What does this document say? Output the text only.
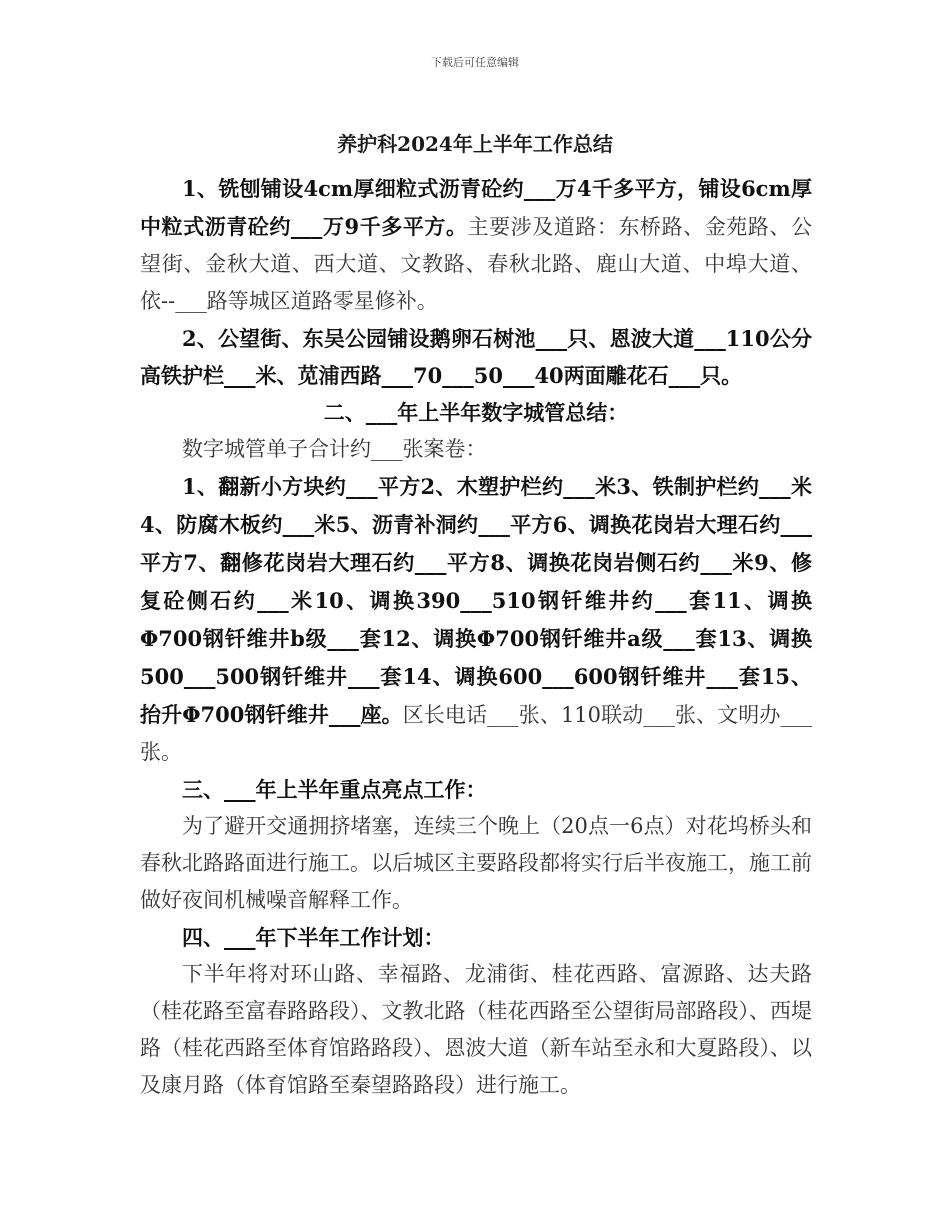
下载后可任意编辑
养护科2024年上半年工作总结

1、铣刨铺设4cm厚细粒式沥青砼约___万4千多平方，铺设6cm厚中粒式沥青砼约___万9千多平方。主要涉及道路：东桥路、金苑路、公望街、金秋大道、西大道、文教路、春秋北路、鹿山大道、中埠大道、依--___路等城区道路零星修补。

2、公望街、东吴公园铺设鹅卵石树池___只、恩波大道___110公分高铁护栏___米、苋浦西路___70___50___40两面雕花石___只。

二、___年上半年数字城管总结：

数字城管单子合计约___张案卷：

1、翻新小方块约___平方2、木塑护栏约___米3、铁制护栏约___米4、防腐木板约___米5、沥青补洞约___平方6、调换花岗岩大理石约___平方7、翻修花岗岩大理石约___平方8、调换花岗岩侧石约___米9、修复砼侧石约___米10、调换390___510钢钎维井约___套11、调换Φ700钢钎维井b级___套12、调换Φ700钢钎维井a级___套13、调换500___500钢钎维井___套14、调换600___600钢钎维井___套15、抬升Φ700钢钎维井___座。区长电话___张、110联动___张、文明办___张。

三、___年上半年重点亮点工作：

为了避开交通拥挤堵塞，连续三个晚上（20点一6点）对花坞桥头和春秋北路路面进行施工。以后城区主要路段都将实行后半夜施工，施工前做好夜间机械噪音解释工作。

四、___年下半年工作计划：

下半年将对环山路、幸福路、龙浦街、桂花西路、富源路、达夫路（桂花路至富春路路段）、文教北路（桂花西路至公望街局部路段）、西堤路（桂花西路至体育馆路路段）、恩波大道（新车站至永和大夏路段）、以及康月路（体育馆路至秦望路路段）进行施工。
